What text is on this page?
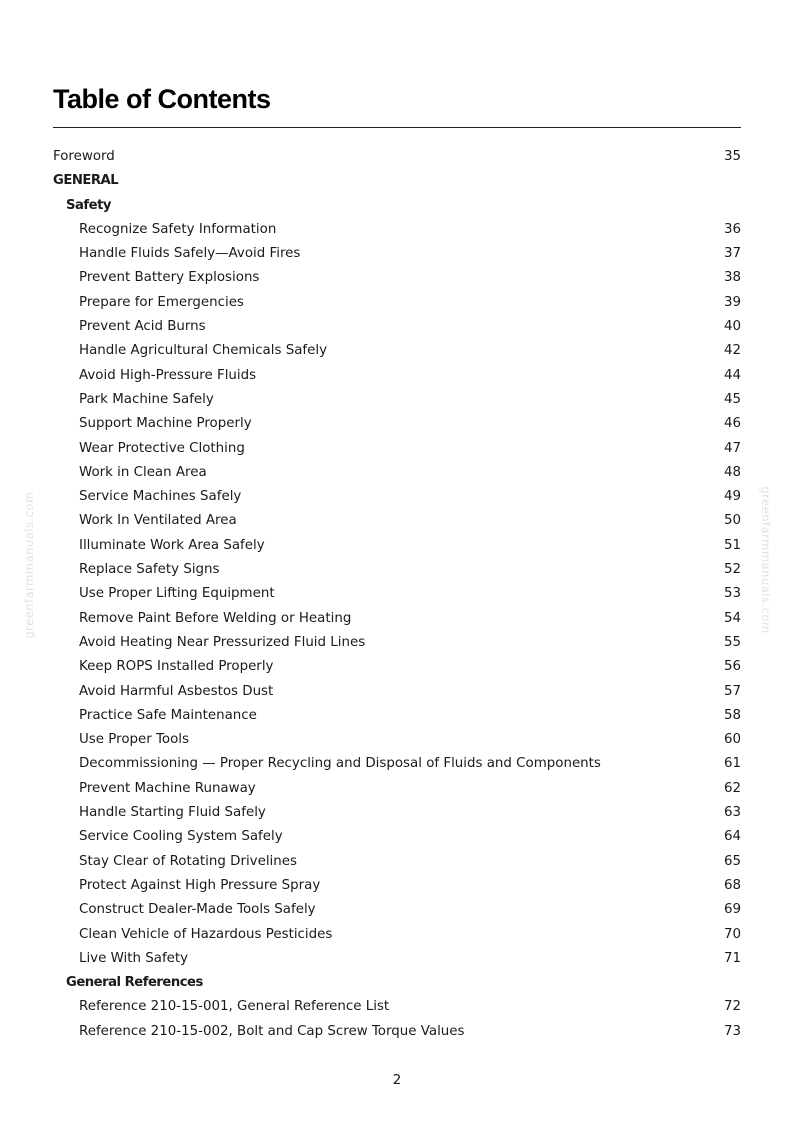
Table of Contents
Foreword	35
GENERAL
Safety
Recognize Safety Information	36
Handle Fluids Safely—Avoid Fires	37
Prevent Battery Explosions	38
Prepare for Emergencies	39
Prevent Acid Burns	40
Handle Agricultural Chemicals Safely	42
Avoid High-Pressure Fluids	44
Park Machine Safely	45
Support Machine Properly	46
Wear Protective Clothing	47
Work in Clean Area	48
Service Machines Safely	49
Work In Ventilated Area	50
Illuminate Work Area Safely	51
Replace Safety Signs	52
Use Proper Lifting Equipment	53
Remove Paint Before Welding or Heating	54
Avoid Heating Near Pressurized Fluid Lines	55
Keep ROPS Installed Properly	56
Avoid Harmful Asbestos Dust	57
Practice Safe Maintenance	58
Use Proper Tools	60
Decommissioning — Proper Recycling and Disposal of Fluids and Components	61
Prevent Machine Runaway	62
Handle Starting Fluid Safely	63
Service Cooling System Safely	64
Stay Clear of Rotating Drivelines	65
Protect Against High Pressure Spray	68
Construct Dealer-Made Tools Safely	69
Clean Vehicle of Hazardous Pesticides	70
Live With Safety	71
General References
Reference 210-15-001, General Reference List	72
Reference 210-15-002, Bolt and Cap Screw Torque Values	73
greenfarmmanuals.com	greenfarmmanuals.com
2
